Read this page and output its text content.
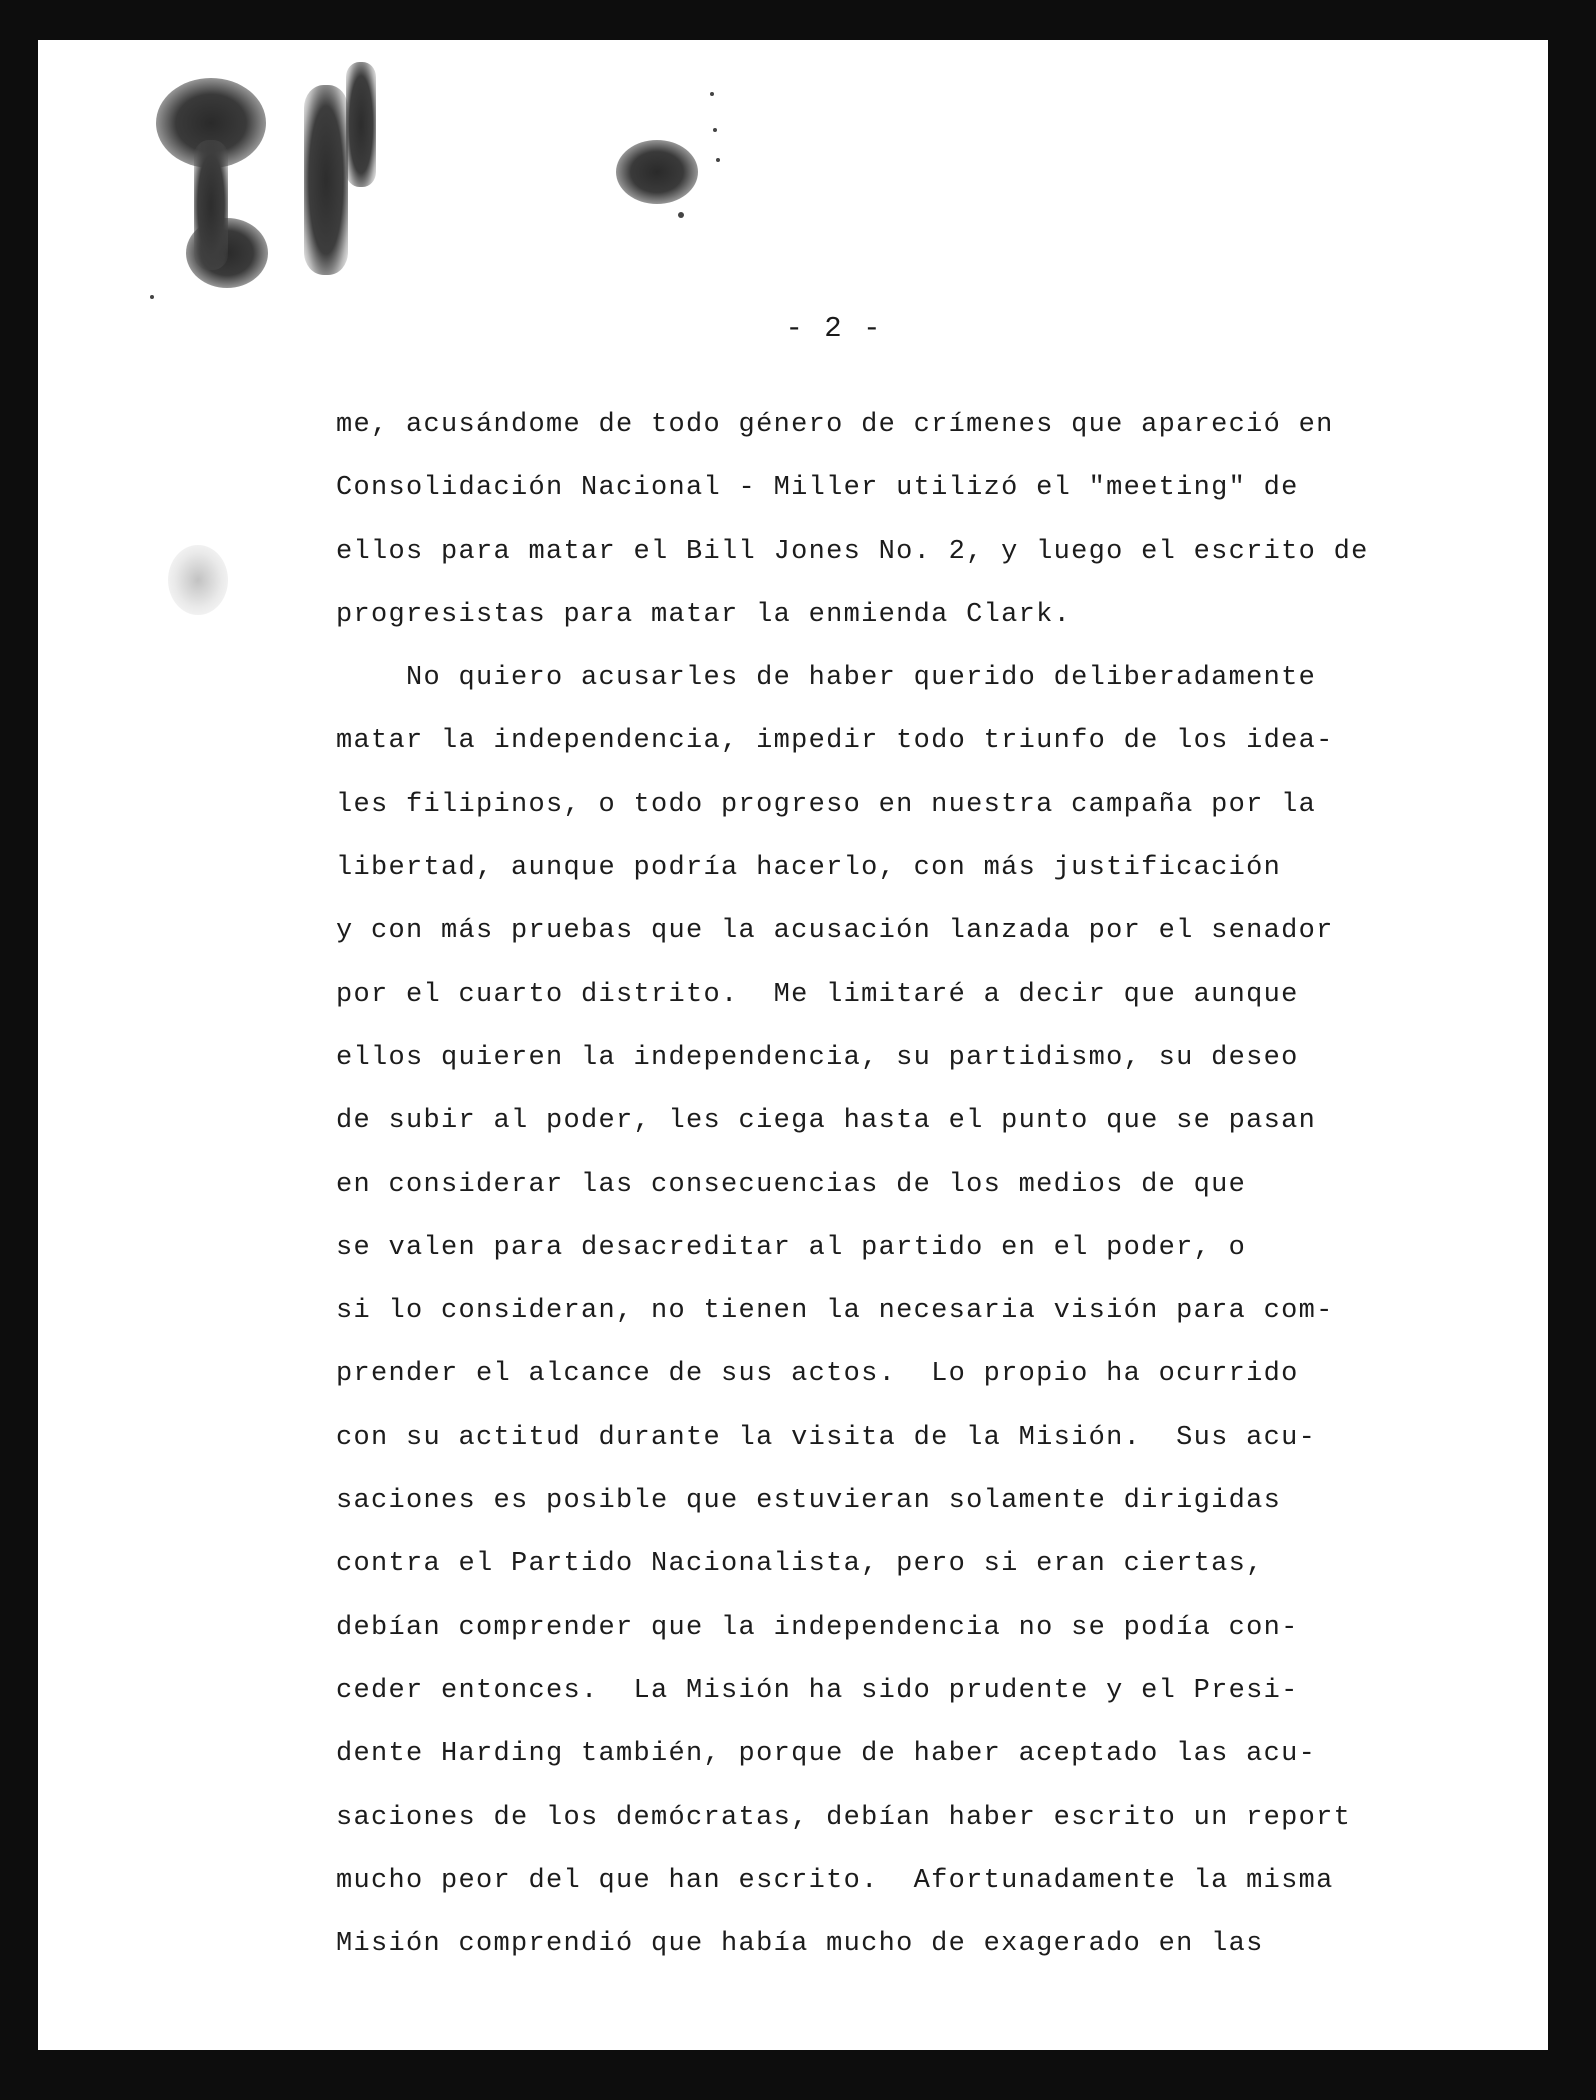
- 2 -
me, acusándome de todo género de crímenes que apareció en
Consolidación Nacional - Miller utilizó el "meeting" de
ellos para matar el Bill Jones No. 2, y luego el escrito de
progresistas para matar la enmienda Clark.
No quiero acusarles de haber querido deliberadamente
matar la independencia, impedir todo triunfo de los idea-
les filipinos, o todo progreso en nuestra campaña por la
libertad, aunque podría hacerlo, con más justificación
y con más pruebas que la acusación lanzada por el senador
por el cuarto distrito.  Me limitaré a decir que aunque
ellos quieren la independencia, su partidismo, su deseo
de subir al poder, les ciega hasta el punto que se pasan
en considerar las consecuencias de los medios de que
se valen para desacreditar al partido en el poder, o
si lo consideran, no tienen la necesaria visión para com-
prender el alcance de sus actos.  Lo propio ha ocurrido
con su actitud durante la visita de la Misión.  Sus acu-
saciones es posible que estuvieran solamente dirigidas
contra el Partido Nacionalista, pero si eran ciertas,
debían comprender que la independencia no se podía con-
ceder entonces.  La Misión ha sido prudente y el Presi-
dente Harding también, porque de haber aceptado las acu-
saciones de los demócratas, debían haber escrito un report
mucho peor del que han escrito.  Afortunadamente la misma
Misión comprendió que había mucho de exagerado en las
